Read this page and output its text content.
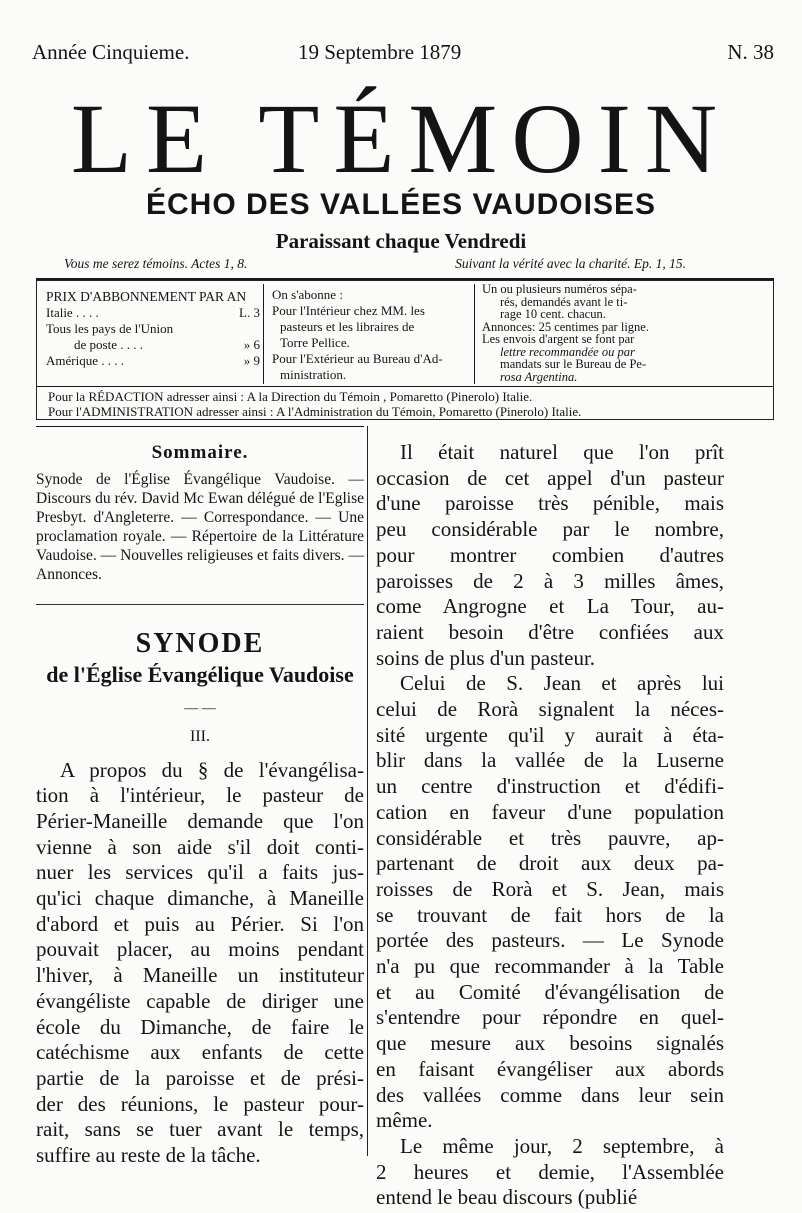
Année Cinquieme.	19 Septembre 1879	N. 38
LE TÉMOIN
ÉCHO DES VALLÉES VAUDOISES
Paraissant chaque Vendredi
Vous me serez témoins. Actes 1, 8.	Suivant la vérité avec la charité. Ep. 1, 15.
PRIX D'ABBONNEMENT PAR AN
Italie . . . .	L. 3
Tous les pays de l'Union
de poste . . . .	» 6
Amérique . . . .	» 9
On s'abonne :
Pour l'Intérieur chez MM. les
pasteurs et les libraires de
Torre Pellice.
Pour l'Extérieur au Bureau d'Ad-
ministration.
Un ou plusieurs numéros sépa-
rés, demandés avant le ti-
rage 10 cent. chacun.
Annonces: 25 centimes par ligne.
Les envois d'argent se font par
lettre recommandée ou par
mandats sur le Bureau de Pe-
rosa Argentina.
Pour la RÉDACTION adresser ainsi : A la Direction du Témoin , Pomaretto (Pinerolo) Italie.
Pour l'ADMINISTRATION adresser ainsi : A l'Administration du Témoin, Pomaretto (Pinerolo) Italie.
Sommaire.
Synode de l'Église Évangélique Vaudoise. — Discours du rév. David Mc Ewan délégué de l'Eglise Presbyt. d'Angleterre. — Correspondance. — Une proclamation royale. — Répertoire de la Littérature Vaudoise. — Nouvelles religieuses et faits divers. — Annonces.
SYNODE
de l'Église Évangélique Vaudoise
— —
III.
A propos du § de l'évangélisa-
tion à l'intérieur, le pasteur de
Périer-Maneille demande que l'on
vienne à son aide s'il doit conti-
nuer les services qu'il a faits jus-
qu'ici chaque dimanche, à Maneille
d'abord et puis au Périer. Si l'on
pouvait placer, au moins pendant
l'hiver, à Maneille un instituteur
évangéliste capable de diriger une
école du Dimanche, de faire le
catéchisme aux enfants de cette
partie de la paroisse et de prési-
der des réunions, le pasteur pour-
rait, sans se tuer avant le temps,
suffire au reste de la tâche.
Il était naturel que l'on prît
occasion de cet appel d'un pasteur
d'une paroisse très pénible, mais
peu considérable par le nombre,
pour montrer combien d'autres
paroisses de 2 à 3 milles âmes,
come Angrogne et La Tour, au-
raient besoin d'être confiées aux
soins de plus d'un pasteur.
Celui de S. Jean et après lui
celui de Rorà signalent la néces-
sité urgente qu'il y aurait à éta-
blir dans la vallée de la Luserne
un centre d'instruction et d'édifi-
cation en faveur d'une population
considérable et très pauvre, ap-
partenant de droit aux deux pa-
roisses de Rorà et S. Jean, mais
se trouvant de fait hors de la
portée des pasteurs. — Le Synode
n'a pu que recommander à la Table
et au Comité d'évangélisation de
s'entendre pour répondre en quel-
que mesure aux besoins signalés
en faisant évangéliser aux abords
des vallées comme dans leur sein
même.
Le même jour, 2 septembre, à
2 heures et demie, l'Assemblée
entend le beau discours (publié
